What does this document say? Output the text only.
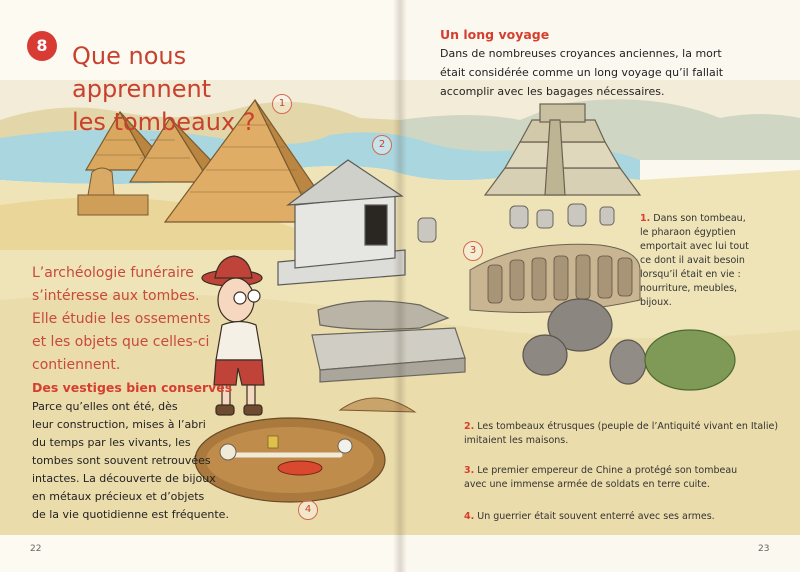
8	Que nous apprennent
les tombeaux ?
1
2
3
4
L’archéologie funéraire
s’intéresse aux tombes.
Elle étudie les ossements
et les objets que celles-ci
contiennent.
Des vestiges bien conservés
Parce qu’elles ont été, dès
leur construction, mises à l’abri
du temps par les vivants, les
tombes sont souvent retrouvées
intactes. La découverte de bijoux
en métaux précieux et d’objets
de la vie quotidienne est fréquente.
22
Un long voyage
Dans de nombreuses croyances anciennes, la mort
était considérée comme un long voyage qu’il fallait
accomplir avec les bagages nécessaires.
1. Dans son tombeau,
le pharaon égyptien
emportait avec lui tout
ce dont il avait besoin
lorsqu’il était en vie :
nourriture, meubles,
bijoux.
2. Les tombeaux étrusques (peuple de l’Antiquité vivant en Italie)
imitaient les maisons.
3. Le premier empereur de Chine a protégé son tombeau
avec une immense armée de soldats en terre cuite.
4. Un guerrier était souvent enterré avec ses armes.
23
